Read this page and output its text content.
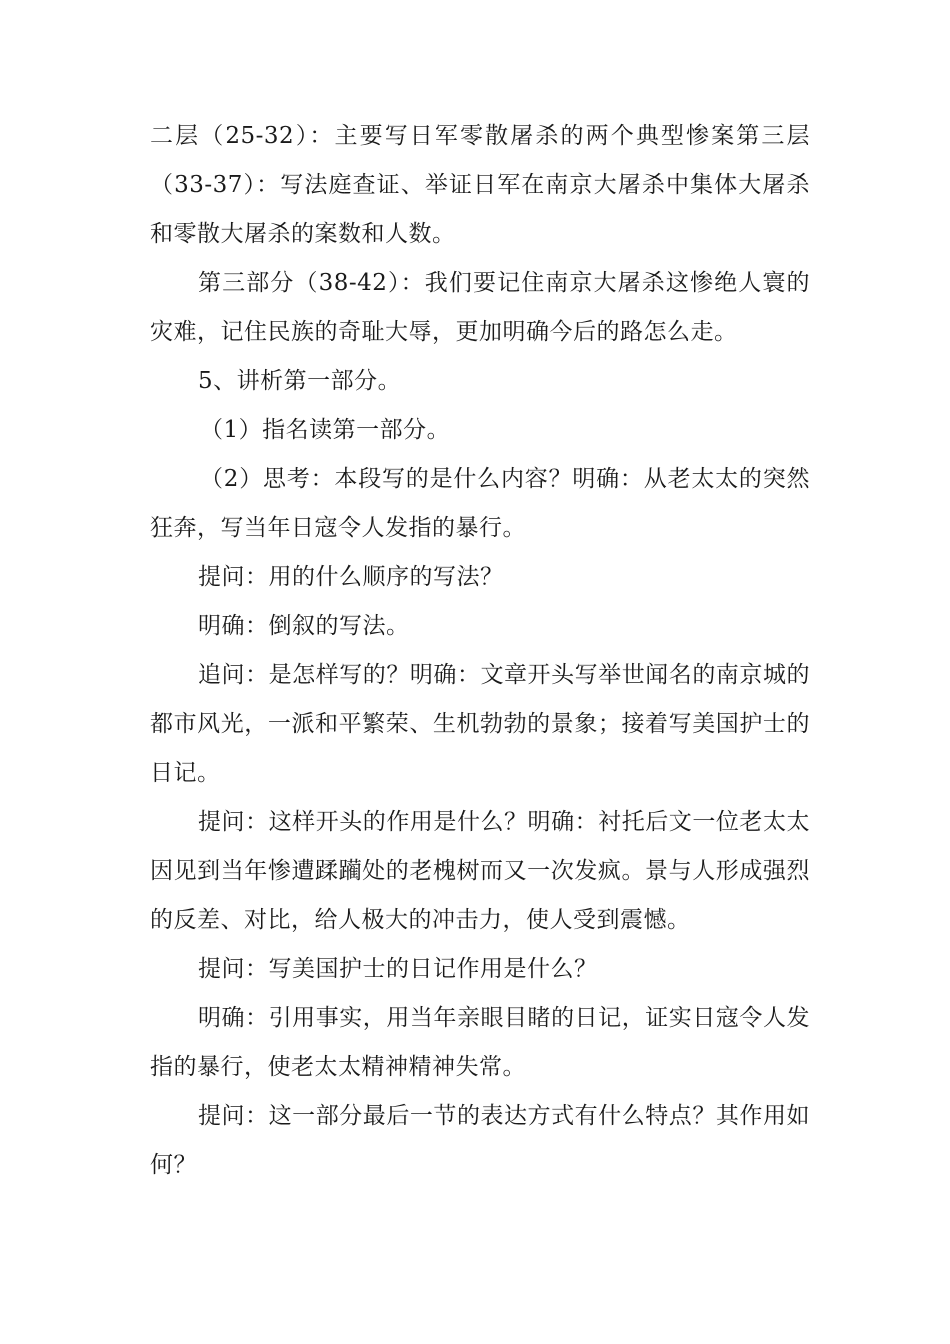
二层（25-32）：主要写日军零散屠杀的两个典型惨案第三层（33-37）：写法庭查证、举证日军在南京大屠杀中集体大屠杀和零散大屠杀的案数和人数。

第三部分（38-42）：我们要记住南京大屠杀这惨绝人寰的灾难，记住民族的奇耻大辱，更加明确今后的路怎么走。

5、讲析第一部分。

（1）指名读第一部分。

（2）思考：本段写的是什么内容？明确：从老太太的突然狂奔，写当年日寇令人发指的暴行。

提问：用的什么顺序的写法？

明确：倒叙的写法。

追问：是怎样写的？明确：文章开头写举世闻名的南京城的都市风光，一派和平繁荣、生机勃勃的景象；接着写美国护士的日记。

提问：这样开头的作用是什么？明确：衬托后文一位老太太因见到当年惨遭蹂躏处的老槐树而又一次发疯。景与人形成强烈的反差、对比，给人极大的冲击力，使人受到震憾。

提问：写美国护士的日记作用是什么？

明确：引用事实，用当年亲眼目睹的日记，证实日寇令人发指的暴行，使老太太精神精神失常。

提问：这一部分最后一节的表达方式有什么特点？其作用如何？
